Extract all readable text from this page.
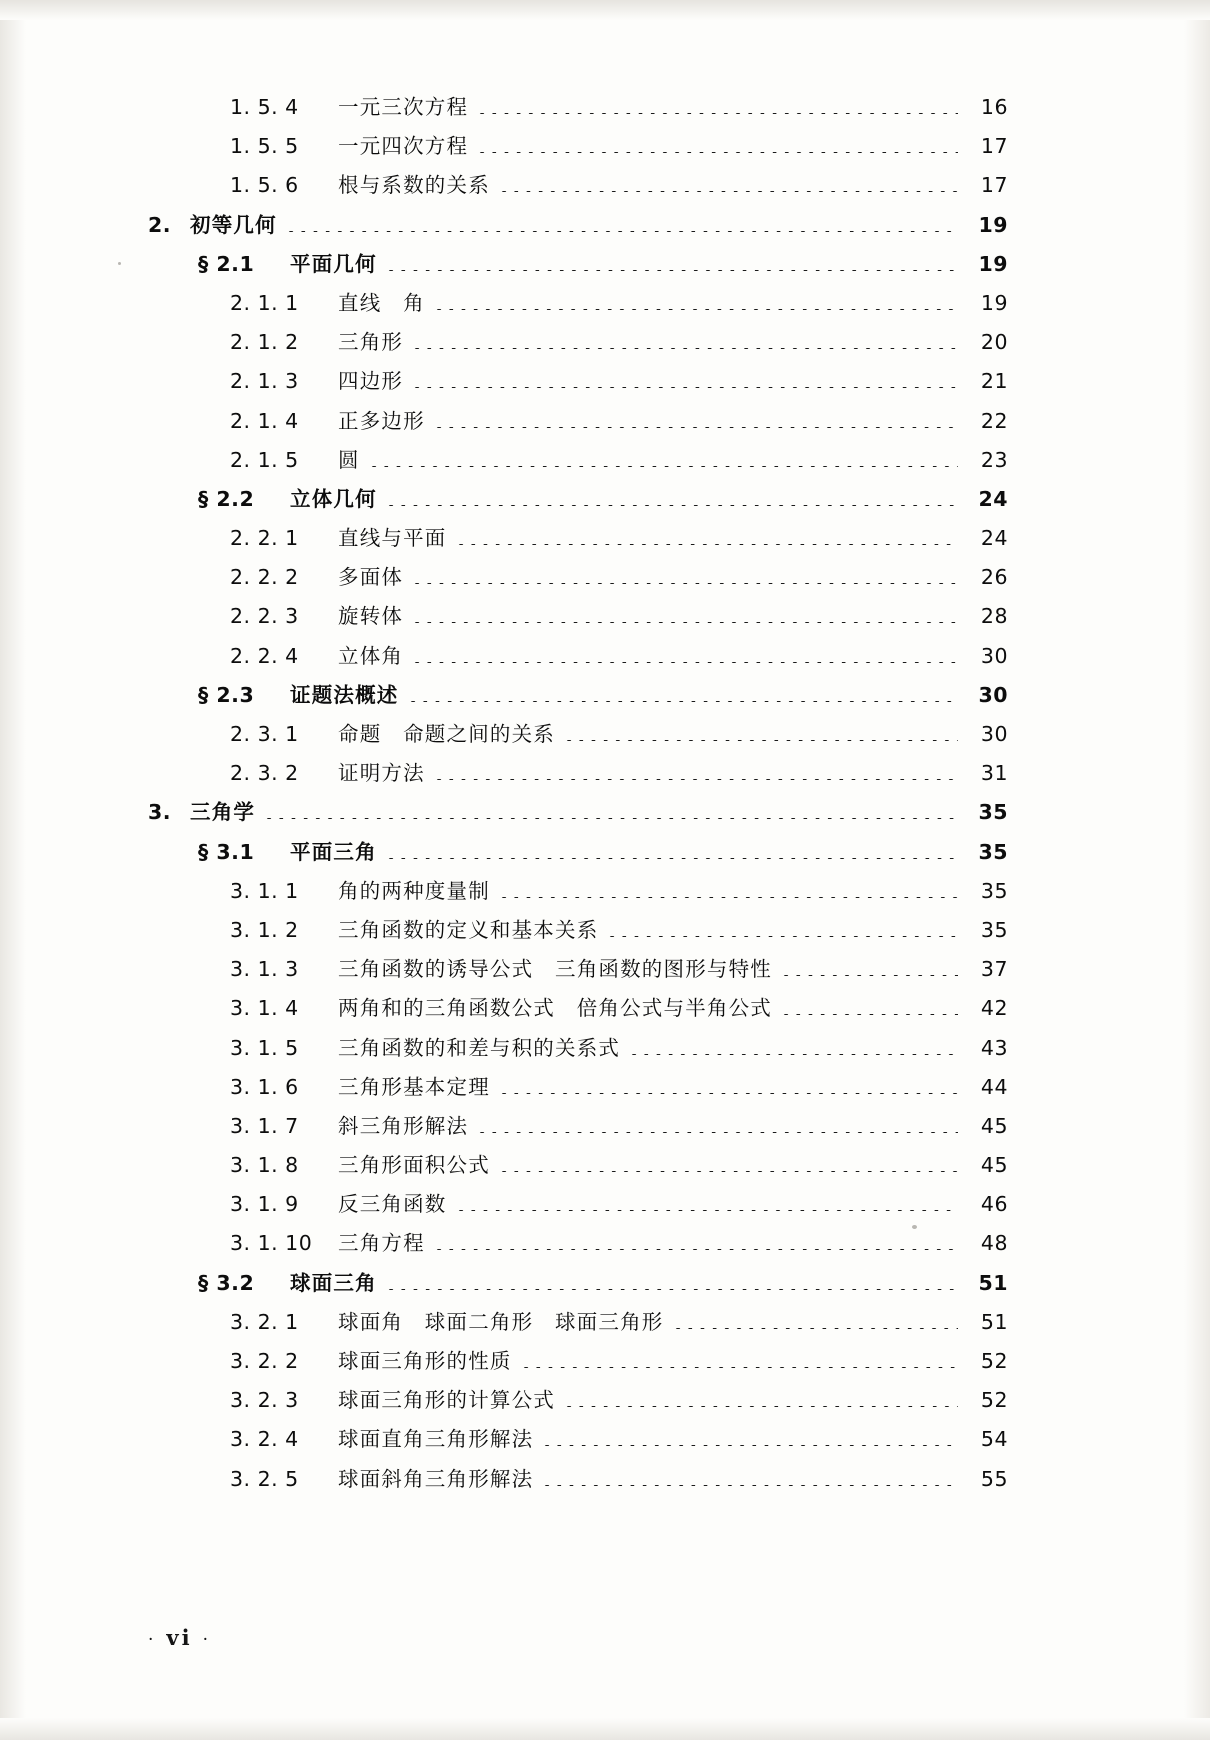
1. 5. 4	一元三次方程	16
1. 5. 5	一元四次方程	17
1. 5. 6	根与系数的关系	17
2. 初等几何	19
§ 2.1	平面几何	19
2. 1. 1	直线　角	19
2. 1. 2	三角形	20
2. 1. 3	四边形	21
2. 1. 4	正多边形	22
2. 1. 5	圆	23
§ 2.2	立体几何	24
2. 2. 1	直线与平面	24
2. 2. 2	多面体	26
2. 2. 3	旋转体	28
2. 2. 4	立体角	30
§ 2.3	证题法概述	30
2. 3. 1	命题　命题之间的关系	30
2. 3. 2	证明方法	31
3. 三角学	35
§ 3.1	平面三角	35
3. 1. 1	角的两种度量制	35
3. 1. 2	三角函数的定义和基本关系	35
3. 1. 3	三角函数的诱导公式　三角函数的图形与特性	37
3. 1. 4	两角和的三角函数公式　倍角公式与半角公式	42
3. 1. 5	三角函数的和差与积的关系式	43
3. 1. 6	三角形基本定理	44
3. 1. 7	斜三角形解法	45
3. 1. 8	三角形面积公式	45
3. 1. 9	反三角函数	46
3. 1. 10	三角方程	48
§ 3.2	球面三角	51
3. 2. 1	球面角　球面二角形　球面三角形	51
3. 2. 2	球面三角形的性质	52
3. 2. 3	球面三角形的计算公式	52
3. 2. 4	球面直角三角形解法	54
3. 2. 5	球面斜角三角形解法	55
· vi ·
